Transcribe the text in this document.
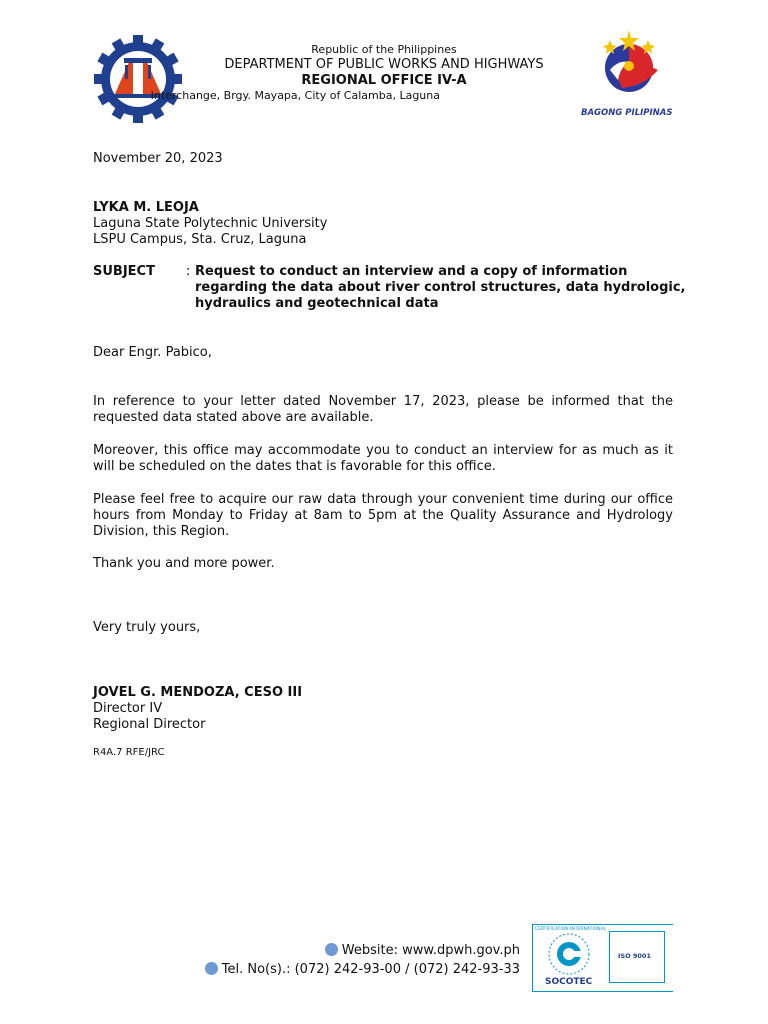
Republic of the Philippines
DEPARTMENT OF PUBLIC WORKS AND HIGHWAYS
REGIONAL OFFICE IV-A
Interchange, Brgy. Mayapa, City of Calamba, Laguna
BAGONG PILIPINAS
November 20, 2023
LYKA M. LEOJA
Laguna State Polytechnic University
LSPU Campus, Sta. Cruz, Laguna
SUBJECT : Request to conduct an interview and a copy of information
regarding the data about river control structures, data hydrologic,
hydraulics and geotechnical data
Dear Engr. Pabico,
In reference to your letter dated November 17, 2023, please be informed that the requested data stated above are available.
Moreover, this office may accommodate you to conduct an interview for as much as it will be scheduled on the dates that is favorable for this office.
Please feel free to acquire our raw data through your convenient time during our office hours from Monday to Friday at 8am to 5pm at the Quality Assurance and Hydrology Division, this Region.
Thank you and more power.
Very truly yours,
JOVEL G. MENDOZA, CESO III
Director IV
Regional Director
R4A.7 RFE/JRC
Website: www.dpwh.gov.ph
Tel. No(s).: (072) 242-93-00 / (072) 242-93-33
CERTIFICATION INTERNATIONAL
SOCOTEC
ISO 9001
